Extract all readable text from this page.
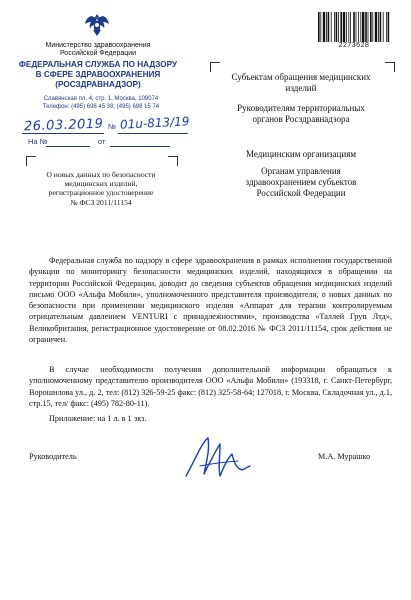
Министерство здравоохранения
Российской Федерации
ФЕДЕРАЛЬНАЯ СЛУЖБА ПО НАДЗОРУ
В СФЕРЕ ЗДРАВООХРАНЕНИЯ
(РОСЗДРАВНАДЗОР)
Славянская пл. 4, стр. 1, Москва, 109074
Телефон: (495) 698 45 38; (495) 698 15 74
26.03.2019 № 01u-813/19
На №	от
О новых данных по безопасности
медицинских изделий,
регистрационное удостоверение
№ ФСЗ 2011/11154
Субъектам обращения медицинских изделий
Руководителям территориальных органов Росздравнадзора
Медицинским организациям
Органам управления здравоохранением субъектов Российской Федерации
2273628
Федеральная служба по надзору в сфере здравоохранения в рамках исполнения государственной функции по мониторингу безопасности медицинских изделий, находящихся в обращении на территории Российской Федерации, доводит до сведения субъектов обращения медицинских изделий письмо ООО «Альфа Мобили», уполномоченного представителя производителя, о новых данных по безопасности при применении медицинского изделия «Аппарат для терапии контролируемым отрицательным давлением VENTURI с принадлежностями», производства «Таллей Груп Лтд», Великобритания, регистрационное удостоверение от 08.02.2016 № ФСЗ 2011/11154, срок действия не ограничен.
В случае необходимости получения дополнительной информации обращаться к уполномоченному представителю производителя ООО «Альфа Мобили» (193318, г. Санкт-Петербург, Ворошилова ул., д. 2, тел: (812) 326-59-25 факс: (812) 325-58-64; 127018, г. Москва, Складочная ул., д.1, стр.15, тел/ факс: (495) 782-80-11).
Приложение: на 1 л. в 1 экз.
Руководитель	М.А. Мурашко
